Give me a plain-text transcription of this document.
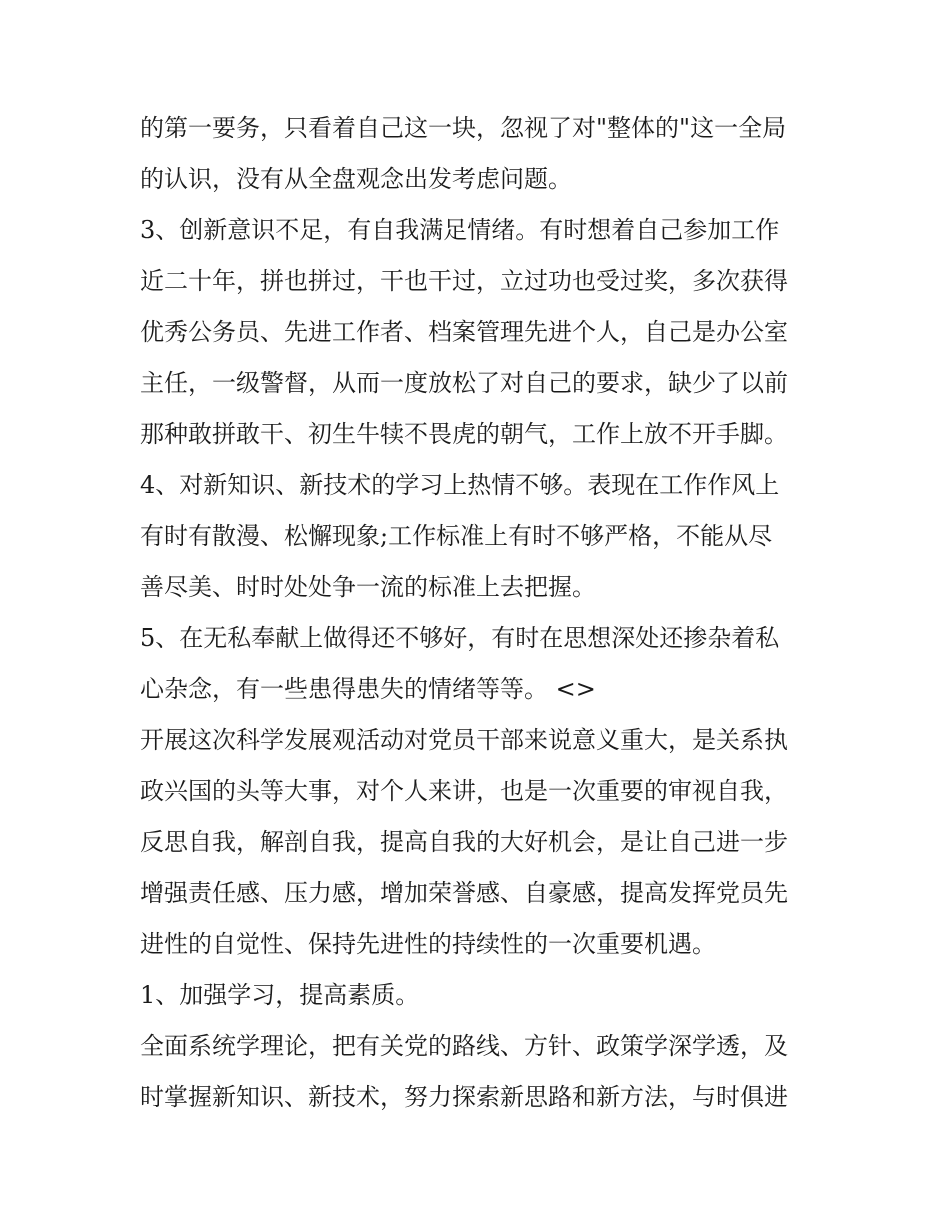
的第一要务，只看着自己这一块，忽视了对"整体的"这一全局
的认识，没有从全盘观念出发考虑问题。
3、创新意识不足，有自我满足情绪。有时想着自己参加工作
近二十年，拼也拼过，干也干过，立过功也受过奖，多次获得
优秀公务员、先进工作者、档案管理先进个人，自己是办公室
主任，一级警督，从而一度放松了对自己的要求，缺少了以前
那种敢拼敢干、初生牛犊不畏虎的朝气，工作上放不开手脚。
4、对新知识、新技术的学习上热情不够。表现在工作作风上
有时有散漫、松懈现象;工作标准上有时不够严格，不能从尽
善尽美、时时处处争一流的标准上去把握。
5、在无私奉献上做得还不够好，有时在思想深处还掺杂着私
心杂念，有一些患得患失的情绪等等。 <>
开展这次科学发展观活动对党员干部来说意义重大，是关系执
政兴国的头等大事，对个人来讲，也是一次重要的审视自我，
反思自我，解剖自我，提高自我的大好机会，是让自己进一步
增强责任感、压力感，增加荣誉感、自豪感，提高发挥党员先
进性的自觉性、保持先进性的持续性的一次重要机遇。
1、加强学习，提高素质。
全面系统学理论，把有关党的路线、方针、政策学深学透，及
时掌握新知识、新技术，努力探索新思路和新方法，与时俱进
